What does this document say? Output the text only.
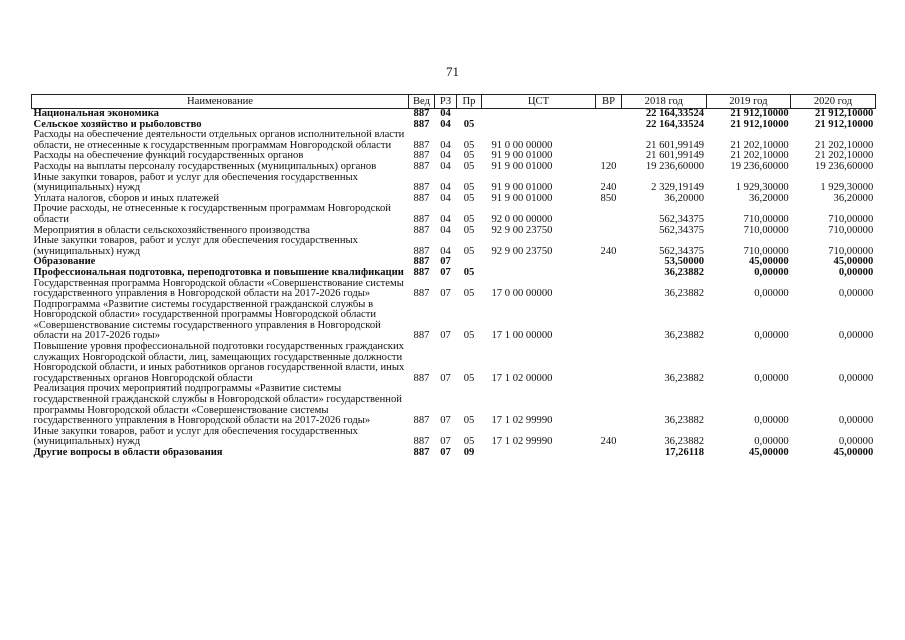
71
Наименование	Вед	РЗ	Пр	ЦСТ	ВР	2018 год	2019 год	2020 год
Национальная экономика	887	04				22 164,33524	21 912,10000	21 912,10000
Сельское хозяйство и рыболовство	887	04	05			22 164,33524	21 912,10000	21 912,10000
Расходы на обеспечение деятельности отдельных органов исполнительной власти области, не отнесенные к государственным программам Новгородской области	887	04	05	91 0 00 00000		21 601,99149	21 202,10000	21 202,10000
Расходы на обеспечение функций государственных органов	887	04	05	91 9 00 01000		21 601,99149	21 202,10000	21 202,10000
Расходы на выплаты персоналу государственных (муниципальных) органов	887	04	05	91 9 00 01000	120	19 236,60000	19 236,60000	19 236,60000
Иные закупки товаров, работ и услуг для обеспечения государственных (муниципальных) нужд	887	04	05	91 9 00 01000	240	2 329,19149	1 929,30000	1 929,30000
Уплата налогов, сборов и иных платежей	887	04	05	91 9 00 01000	850	36,20000	36,20000	36,20000
Прочие расходы, не отнесенные к государственным программам Новгородской области	887	04	05	92 0 00 00000		562,34375	710,00000	710,00000
Мероприятия в области сельскохозяйственного производства	887	04	05	92 9 00 23750		562,34375	710,00000	710,00000
Иные закупки товаров, работ и услуг для обеспечения государственных (муниципальных) нужд	887	04	05	92 9 00 23750	240	562,34375	710,00000	710,00000
Образование	887	07				53,50000	45,00000	45,00000
Профессиональная подготовка, переподготовка и повышение квалификации	887	07	05			36,23882	0,00000	0,00000
Государственная программа Новгородской области «Совершенствование системы государственного управления в Новгородской области на 2017-2026 годы»	887	07	05	17 0 00 00000		36,23882	0,00000	0,00000
Подпрограмма «Развитие системы государственной гражданской службы в Новгородской области» государственной программы Новгородской области «Совершенствование системы государственного управления в Новгородской области на 2017-2026 годы»	887	07	05	17 1 00 00000		36,23882	0,00000	0,00000
Повышение уровня профессиональной подготовки государственных гражданских служащих Новгородской области, лиц, замещающих государственные должности Новгородской области, и иных работников органов государственной власти, иных государственных органов Новгородской области	887	07	05	17 1 02 00000		36,23882	0,00000	0,00000
Реализация прочих мероприятий подпрограммы «Развитие системы государственной гражданской службы в Новгородской области» государственной программы Новгородской области «Совершенствование системы государственного управления в Новгородской области на 2017-2026 годы»	887	07	05	17 1 02 99990		36,23882	0,00000	0,00000
Иные закупки товаров, работ и услуг для обеспечения государственных (муниципальных) нужд	887	07	05	17 1 02 99990	240	36,23882	0,00000	0,00000
Другие вопросы в области образования	887	07	09			17,26118	45,00000	45,00000
